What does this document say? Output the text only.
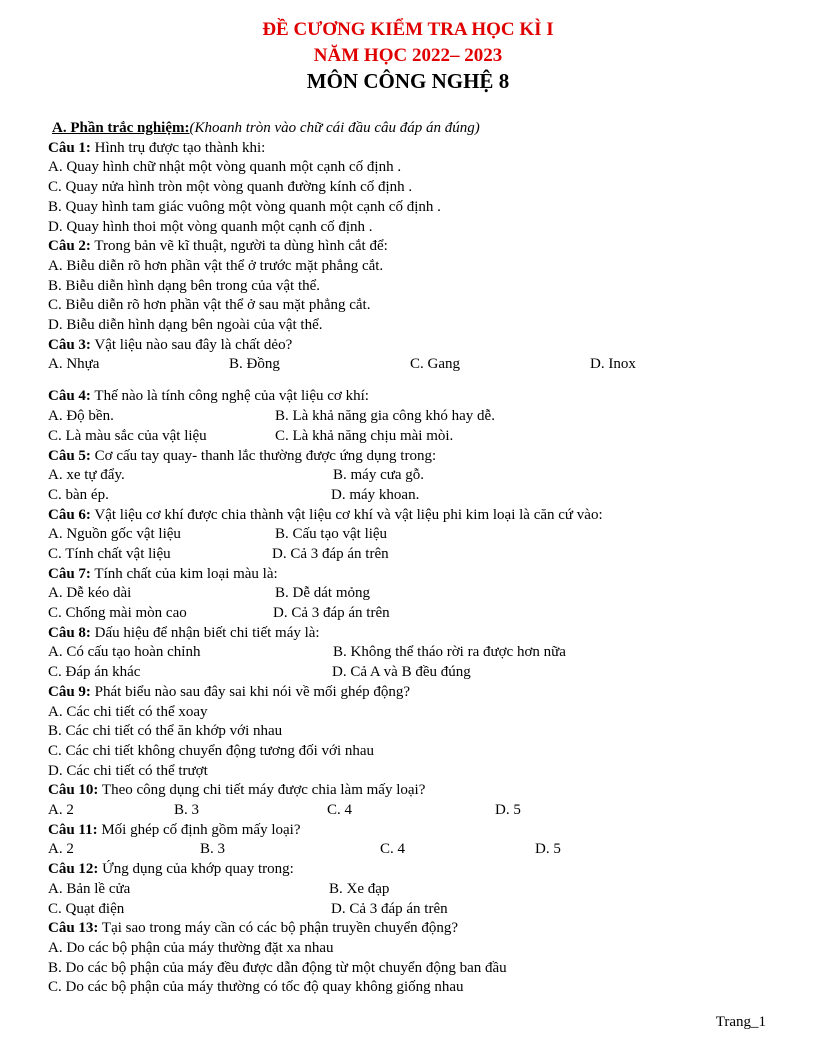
ĐỀ CƯƠNG KIỂM TRA HỌC KÌ I
NĂM HỌC 2022– 2023
MÔN CÔNG NGHỆ 8
A. Phần trắc nghiệm:(Khoanh tròn vào chữ cái đầu câu đáp án đúng)
Câu 1: Hình trụ được tạo thành khi:
A. Quay hình chữ nhật một vòng quanh một cạnh cố định .
C. Quay nửa hình tròn một vòng quanh đường kính cố định .
B. Quay hình tam giác vuông một vòng quanh một cạnh cố định .
D. Quay hình thoi một vòng quanh một cạnh cố định .
Câu 2: Trong bản vẽ kĩ thuật, người ta dùng hình cắt để:
A. Biễu diễn rõ hơn phần vật thể ở trước mặt phẳng cắt.
B. Biễu diễn hình dạng bên trong của vật thể.
C. Biễu diễn rõ hơn phần vật thể ở sau mặt phẳng cắt.
D. Biễu diễn hình dạng bên ngoài của vật thể.
Câu 3: Vật liệu nào sau đây là chất dẻo?
A. Nhựa	B. Đồng	C. Gang	D. Inox
Câu 4: Thế nào là tính công nghệ của vật liệu cơ khí:
A. Độ bền.	B. Là khả năng gia công khó hay dễ.
C. Là màu sắc của vật liệu	C. Là khả năng chịu mài mòi.
Câu 5: Cơ cấu tay quay- thanh lắc thường được ứng dụng trong:
A. xe tự đẩy.	B. máy cưa gỗ.
C. bàn ép.	D. máy khoan.
Câu 6: Vật liệu cơ khí được chia thành vật liệu cơ khí và vật liệu phi kim loại là căn cứ vào:
A. Nguồn gốc vật liệu	B. Cấu tạo vật liệu
C. Tính chất vật liệu	D. Cả 3 đáp án trên
Câu 7: Tính chất của kim loại màu là:
A. Dễ kéo dài	B. Dễ dát mỏng
C. Chống mài mòn cao	D. Cả 3 đáp án trên
Câu 8: Dấu hiệu để nhận biết chi tiết máy là:
A. Có cấu tạo hoàn chỉnh	B. Không thể tháo rời ra được hơn nữa
C. Đáp án khác	D. Cả A và B đều đúng
Câu 9: Phát biểu nào sau đây sai khi nói về mối ghép động?
A. Các chi tiết có thể xoay
B. Các chi tiết có thể ăn khớp với nhau
C. Các chi tiết không chuyển động tương đối với nhau
D. Các chi tiết có thể trượt
Câu 10: Theo công dụng chi tiết máy được chia làm mấy loại?
A. 2	B. 3	C. 4	D. 5
Câu 11: Mối ghép cố định gồm mấy loại?
A. 2	B. 3	C. 4	D. 5
Câu 12: Ứng dụng của khớp quay trong:
A. Bản lề cửa	B. Xe đạp
C. Quạt điện	D. Cả 3 đáp án trên
Câu 13: Tại sao trong máy cần có các bộ phận truyền chuyển động?
A. Do các bộ phận của máy thường đặt xa nhau
B. Do các bộ phận của máy đều được dẫn động từ một chuyển động ban đầu
C. Do các bộ phận của máy thường có tốc độ quay không giống nhau
Trang_1
